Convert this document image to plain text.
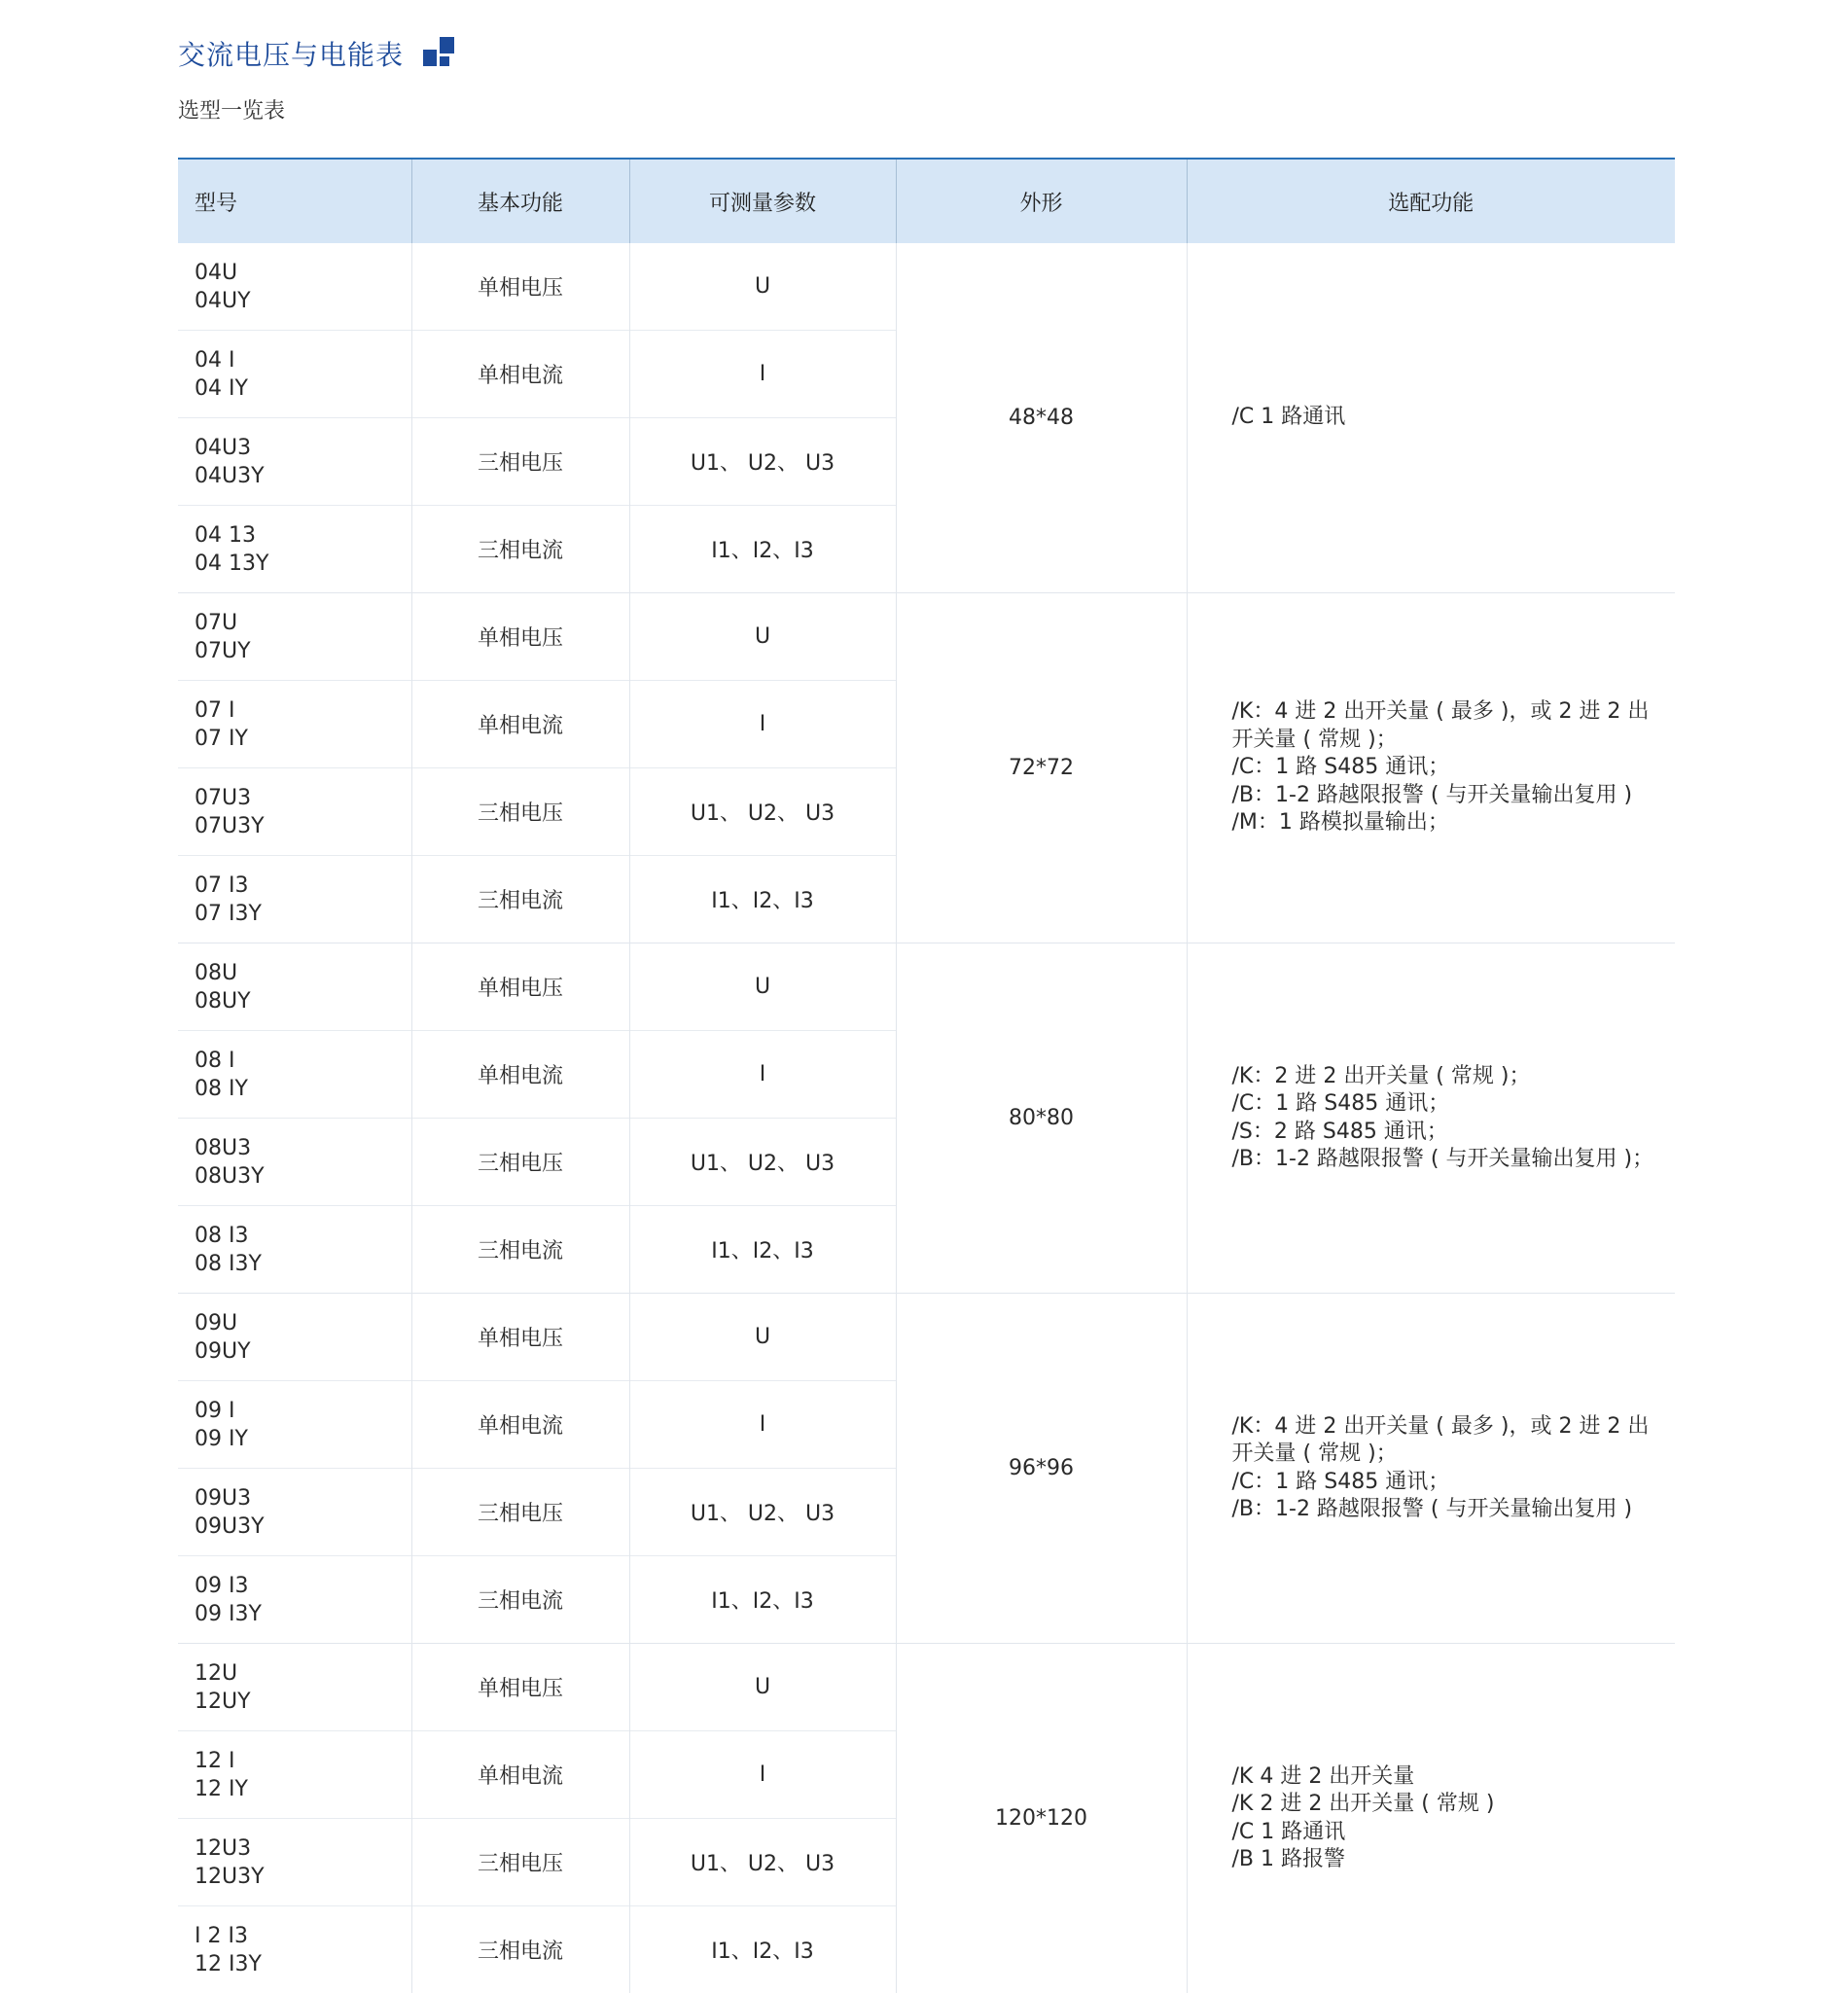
交流电压与电能表
选型一览表
型号	基本功能	可测量参数	外形	选配功能

04U
04UY	单相电压	U	48*48	/C 1 路通讯

04 I
04 IY	单相电流	I		

04U3
04U3Y	三相电压	U1、 U2、 U3		

04 13
04 13Y	三相电流	I1、I2、I3		

07U
07UY	单相电压	U	72*72	/K：4 进 2 出开关量 ( 最多 )，或 2 进 2 出
开关量 ( 常规 )；
/C：1 路 S485 通讯；
/B：1-2 路越限报警 ( 与开关量输出复用 )
/M：1 路模拟量输出；

07 I
07 IY	单相电流	I		

07U3
07U3Y	三相电压	U1、 U2、 U3		

07 I3
07 I3Y	三相电流	I1、I2、I3		

08U
08UY	单相电压	U	80*80	/K：2 进 2 出开关量 ( 常规 )；
/C：1 路 S485 通讯；
/S：2 路 S485 通讯；
/B：1-2 路越限报警 ( 与开关量输出复用 )；

08 I
08 IY	单相电流	I		

08U3
08U3Y	三相电压	U1、 U2、 U3		

08 I3
08 I3Y	三相电流	I1、I2、I3		

09U
09UY	单相电压	U	96*96	/K：4 进 2 出开关量 ( 最多 )，或 2 进 2 出
开关量 ( 常规 )；
/C：1 路 S485 通讯；
/B：1-2 路越限报警 ( 与开关量输出复用 )

09 I
09 IY	单相电流	I		

09U3
09U3Y	三相电压	U1、 U2、 U3		

09 I3
09 I3Y	三相电流	I1、I2、I3		

12U
12UY	单相电压	U	120*120	/K 4 进 2 出开关量
/K 2 进 2 出开关量 ( 常规 )
/C 1 路通讯
/B 1 路报警

12 I
12 IY	单相电流	I		

12U3
12U3Y	三相电压	U1、 U2、 U3		

I 2 I3
12 I3Y	三相电流	I1、I2、I3		
